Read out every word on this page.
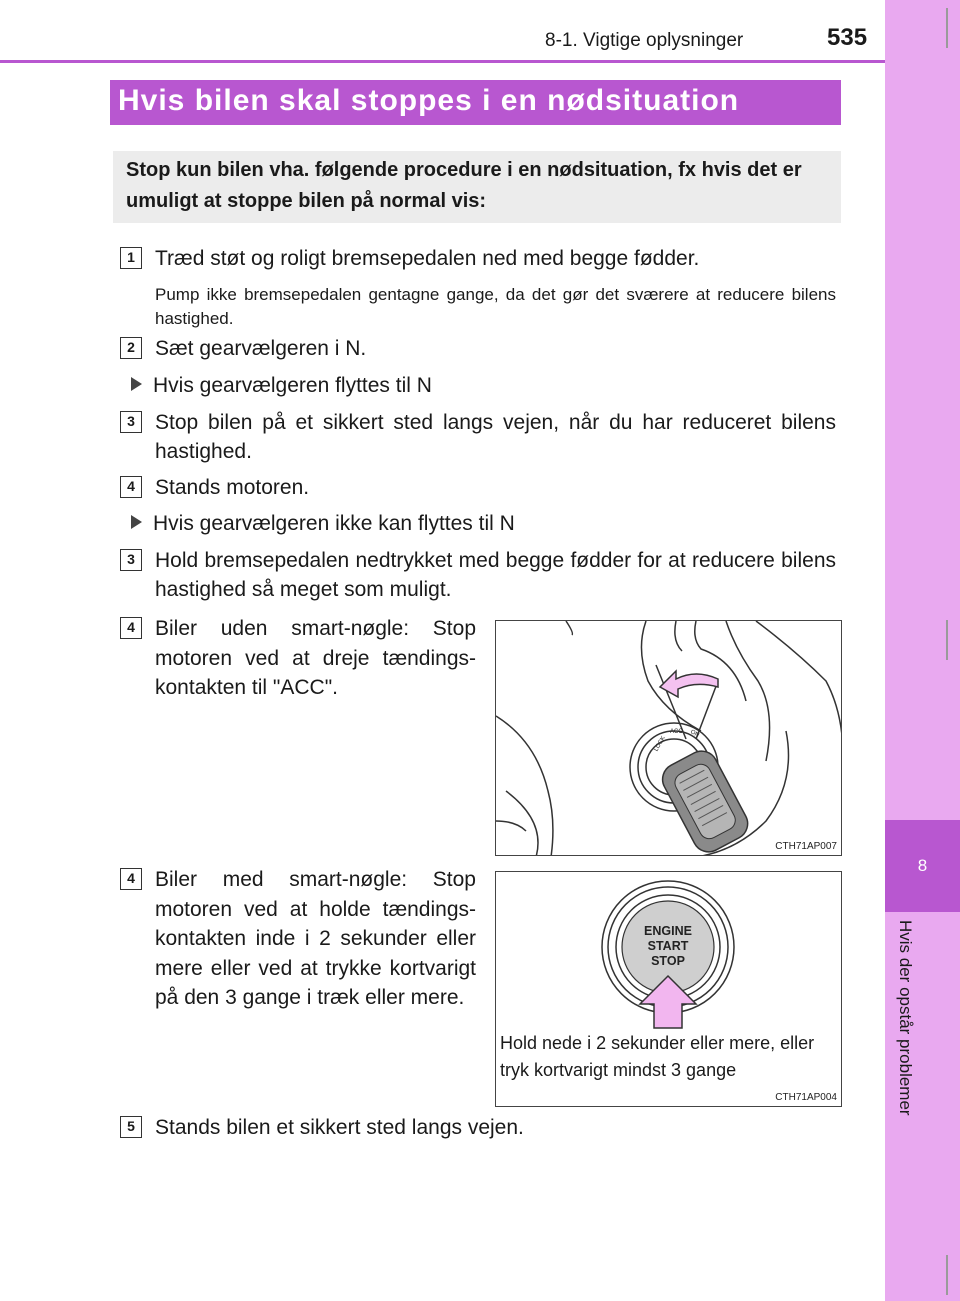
8-1. Vigtige oplysninger	535
8
Hvis der opstår problemer
Hvis bilen skal stoppes i en nødsituation
Stop kun bilen vha. følgende procedure i en nødsituation, fx hvis det er umuligt at stoppe bilen på normal vis:
1 Træd støt og roligt bremsepedalen ned med begge fødder.
Pump ikke bremsepedalen gentagne gange, da det gør det sværere at reducere bilens hastighed.
2 Sæt gearvælgeren i N.
Hvis gearvælgeren flyttes til N
3 Stop bilen på et sikkert sted langs vejen, når du har reduceret bilens hastighed.
4 Stands motoren.
Hvis gearvælgeren ikke kan flyttes til N
3 Hold bremsepedalen nedtrykket med begge fødder for at reducere bilens hastighed så meget som muligt.
4 Biler uden smart-nøgle: Stop motoren ved at dreje tændings-kontakten til "ACC".
LOCK
ACC ON
CTH71AP007
4 Biler med smart-nøgle: Stop motoren ved at holde tændings-kontakten inde i 2 sekunder eller mere eller ved at trykke kortvarigt på den 3 gange i træk eller mere.
ENGINE
START
STOP
Hold nede i 2 sekunder eller mere, eller tryk kortvarigt mindst 3 gange
CTH71AP004
5 Stands bilen et sikkert sted langs vejen.
